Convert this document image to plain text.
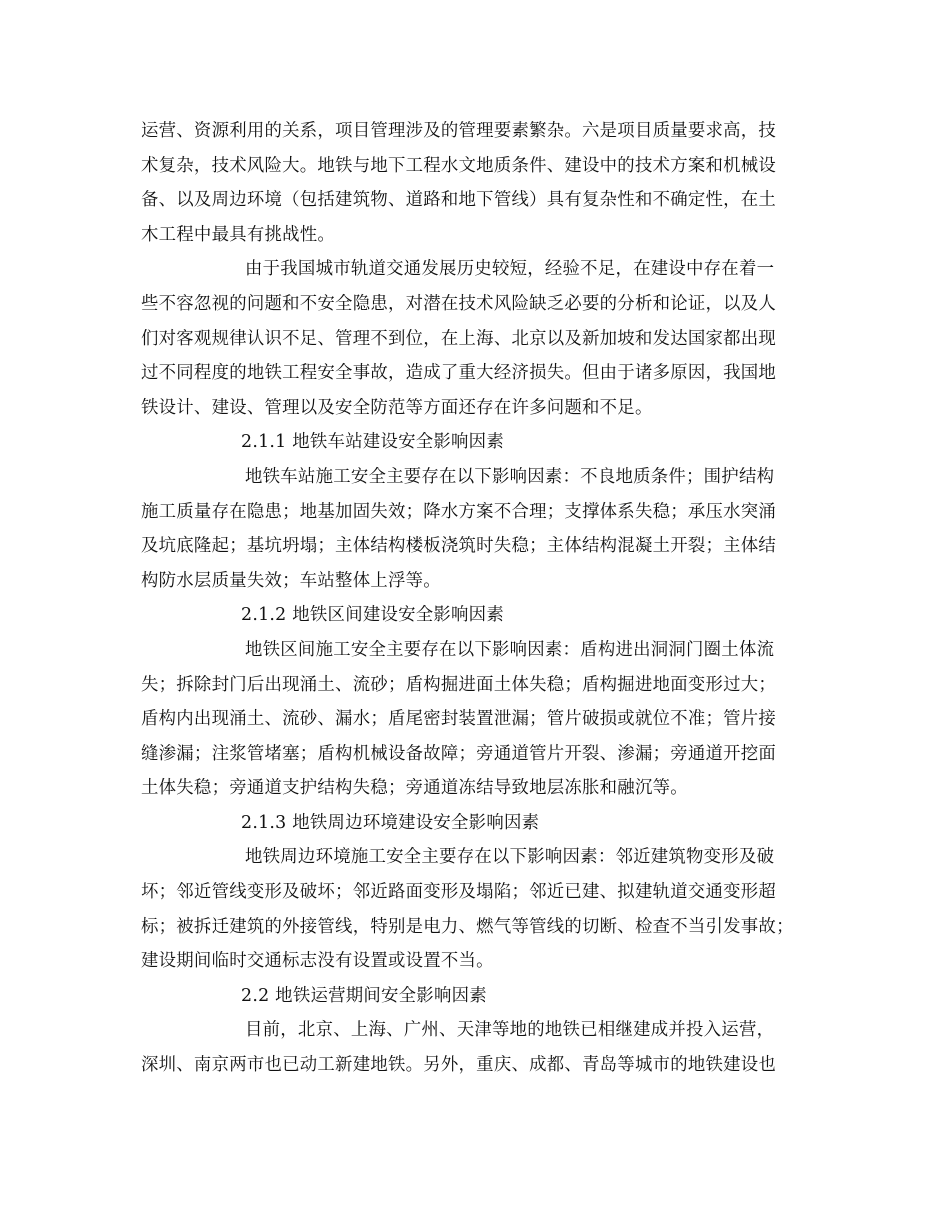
运营、资源利用的关系，项目管理涉及的管理要素繁杂。六是项目质量要求高，技
术复杂，技术风险大。地铁与地下工程水文地质条件、建设中的技术方案和机械设
备、以及周边环境（包括建筑物、道路和地下管线）具有复杂性和不确定性，在土
木工程中最具有挑战性。
由于我国城市轨道交通发展历史较短，经验不足，在建设中存在着一
些不容忽视的问题和不安全隐患，对潜在技术风险缺乏必要的分析和论证，以及人
们对客观规律认识不足、管理不到位，在上海、北京以及新加坡和发达国家都出现
过不同程度的地铁工程安全事故，造成了重大经济损失。但由于诸多原因，我国地
铁设计、建设、管理以及安全防范等方面还存在许多问题和不足。
2.1.1 地铁车站建设安全影响因素
地铁车站施工安全主要存在以下影响因素：不良地质条件；围护结构
施工质量存在隐患；地基加固失效；降水方案不合理；支撑体系失稳；承压水突涌
及坑底隆起；基坑坍塌；主体结构楼板浇筑时失稳；主体结构混凝土开裂；主体结
构防水层质量失效；车站整体上浮等。
2.1.2 地铁区间建设安全影响因素
地铁区间施工安全主要存在以下影响因素：盾构进出洞洞门圈土体流
失；拆除封门后出现涌土、流砂；盾构掘进面土体失稳；盾构掘进地面变形过大；
盾构内出现涌土、流砂、漏水；盾尾密封装置泄漏；管片破损或就位不准；管片接
缝渗漏；注浆管堵塞；盾构机械设备故障；旁通道管片开裂、渗漏；旁通道开挖面
土体失稳；旁通道支护结构失稳；旁通道冻结导致地层冻胀和融沉等。
2.1.3 地铁周边环境建设安全影响因素
地铁周边环境施工安全主要存在以下影响因素：邻近建筑物变形及破
坏；邻近管线变形及破坏；邻近路面变形及塌陷；邻近已建、拟建轨道交通变形超
标；被拆迁建筑的外接管线，特别是电力、燃气等管线的切断、检查不当引发事故；
建设期间临时交通标志没有设置或设置不当。
2.2 地铁运营期间安全影响因素
目前，北京、上海、广州、天津等地的地铁已相继建成并投入运营，
深圳、南京两市也已动工新建地铁。另外，重庆、成都、青岛等城市的地铁建设也
